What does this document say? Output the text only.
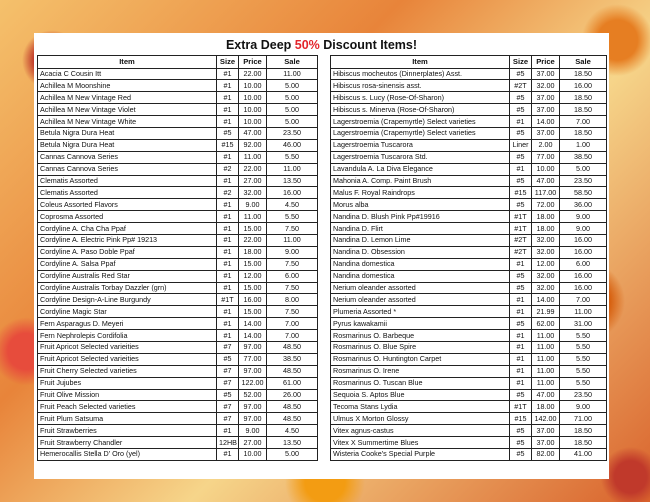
Extra Deep 50% Discount Items!
Item	Size	Price	Sale
Acacia C Cousin Itt	#1	22.00	11.00
Achillea M Moonshine	#1	10.00	5.00
Achillea M New Vintage Red	#1	10.00	5.00
Achillea M New Vintage Violet	#1	10.00	5.00
Achillea M New Vintage White	#1	10.00	5.00
Betula Nigra Dura Heat	#5	47.00	23.50
Betula Nigra Dura Heat	#15	92.00	46.00
Cannas Cannova Series	#1	11.00	5.50
Cannas Cannova Series	#2	22.00	11.00
Clematis Assorted	#1	27.00	13.50
Clematis Assorted	#2	32.00	16.00
Coleus Assorted Flavors	#1	9.00	4.50
Coprosma Assorted	#1	11.00	5.50
Cordyline A. Cha Cha Ppaf	#1	15.00	7.50
Cordyline A. Electric Pink Pp# 19213	#1	22.00	11.00
Cordyline A. Paso Doble Ppaf	#1	18.00	9.00
Cordyline A. Salsa Ppaf	#1	15.00	7.50
Cordyline Australis Red Star	#1	12.00	6.00
Cordyline Australis Torbay Dazzler (grn)	#1	15.00	7.50
Cordyline Design-A-Line Burgundy	#1T	16.00	8.00
Cordyline Magic Star	#1	15.00	7.50
Fern Asparagus D. Meyeri	#1	14.00	7.00
Fern Nephrolepis Cordifolia	#1	14.00	7.00
Fruit Apricot Selected varieities	#7	97.00	48.50
Fruit Apricot Selected varieities	#5	77.00	38.50
Fruit Cherry Selected varieties	#7	97.00	48.50
Fruit Jujubes	#7	122.00	61.00
Fruit Olive Mission	#5	52.00	26.00
Fruit Peach Selected varieties	#7	97.00	48.50
Fruit Plum Satsuma	#7	97.00	48.50
Fruit Strawberries	#1	9.00	4.50
Fruit Strawberry Chandler	12HB	27.00	13.50
Hemerocallis Stella D' Oro (yel)	#1	10.00	5.00
Item	Size	Price	Sale
Hibiscus mocheutos (Dinnerplates) Asst.	#5	37.00	18.50
Hibiscus rosa-sinensis asst.	#2T	32.00	16.00
Hibiscus s. Lucy (Rose-Of-Sharon)	#5	37.00	18.50
Hibiscus s. Minerva (Rose-Of-Sharon)	#5	37.00	18.50
Lagerstroemia (Crapemyrtle) Select varieties	#1	14.00	7.00
Lagerstroemia (Crapemyrtle) Select varieties	#5	37.00	18.50
Lagerstroemia Tuscarora	Liner	2.00	1.00
Lagerstroemia Tuscarora Std.	#5	77.00	38.50
Lavandula A. La Diva Elegance	#1	10.00	5.00
Mahonia A. Comp. Paint Brush	#5	47.00	23.50
Malus F. Royal Raindrops	#15	117.00	58.50
Morus alba	#5	72.00	36.00
Nandina D. Blush Pink Pp#19916	#1T	18.00	9.00
Nandina D. Flirt	#1T	18.00	9.00
Nandina D. Lemon Lime	#2T	32.00	16.00
Nandina D. Obsession	#2T	32.00	16.00
Nandina domestica	#1	12.00	6.00
Nandina domestica	#5	32.00	16.00
Nerium oleander assorted	#5	32.00	16.00
Nerium oleander assorted	#1	14.00	7.00
Plumeria Assorted *	#1	21.99	11.00
Pyrus kawakamii	#5	62.00	31.00
Rosmarinus O. Barbeque	#1	11.00	5.50
Rosmarinus O. Blue Spire	#1	11.00	5.50
Rosmarinus O. Huntington Carpet	#1	11.00	5.50
Rosmarinus O. Irene	#1	11.00	5.50
Rosmarinus O. Tuscan Blue	#1	11.00	5.50
Sequoia S. Aptos Blue	#5	47.00	23.50
Tecoma Stans Lydia	#1T	18.00	9.00
Ulmus X Morton Glossy	#15	142.00	71.00
Vitex agnus-castus	#5	37.00	18.50
Vitex X Summertime Blues	#5	37.00	18.50
Wisteria Cooke's Special Purple	#5	82.00	41.00
